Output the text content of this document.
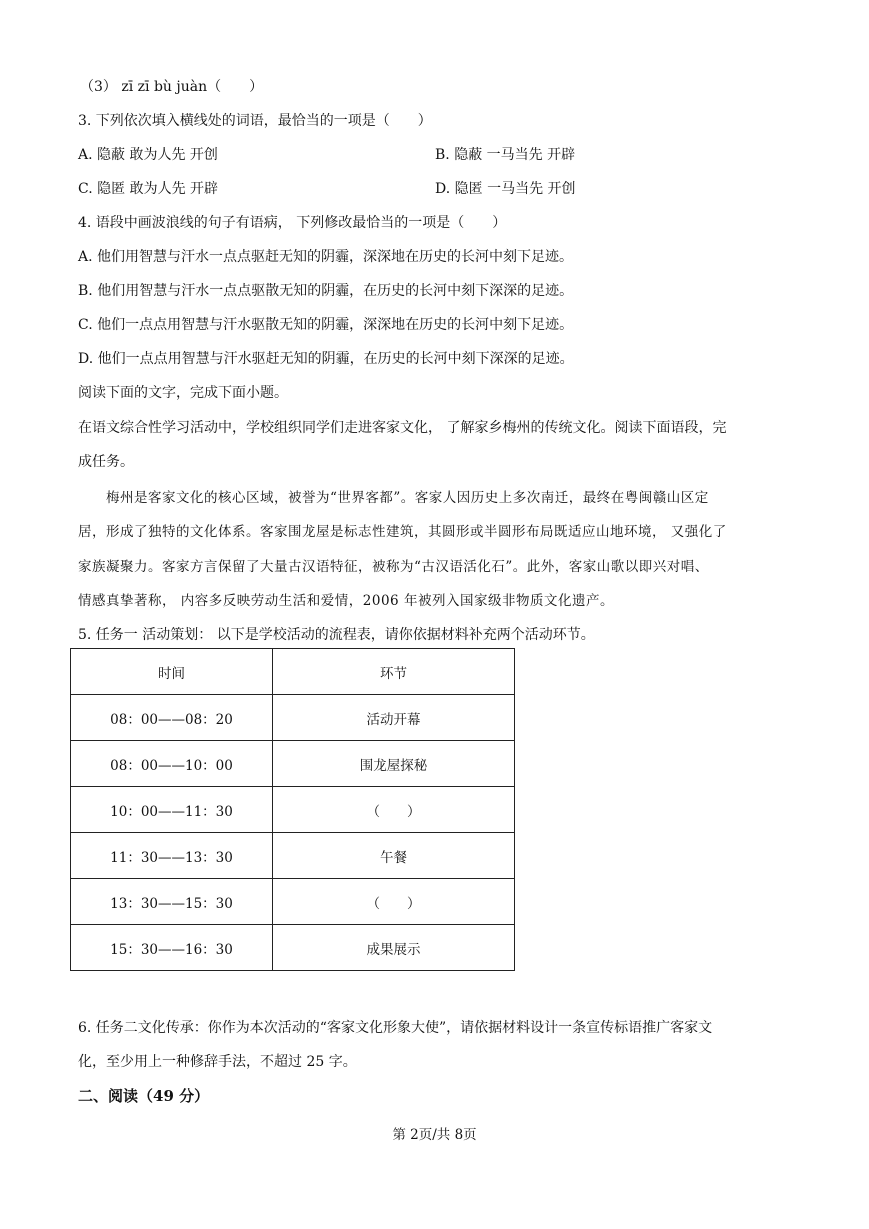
（3） zī zī bù juàn（　　）
3. 下列依次填入横线处的词语，最恰当的一项是（　　）
A. 隐蔽 敢为人先 开创	B. 隐蔽 一马当先 开辟
C. 隐匿 敢为人先 开辟	D. 隐匿 一马当先 开创
4. 语段中画波浪线的句子有语病， 下列修改最恰当的一项是（　　）
A. 他们用智慧与汗水一点点驱赶无知的阴霾，深深地在历史的长河中刻下足迹。
B. 他们用智慧与汗水一点点驱散无知的阴霾，在历史的长河中刻下深深的足迹。
C. 他们一点点用智慧与汗水驱散无知的阴霾，深深地在历史的长河中刻下足迹。
D. 他们一点点用智慧与汗水驱赶无知的阴霾，在历史的长河中刻下深深的足迹。
阅读下面的文字，完成下面小题。
在语文综合性学习活动中，学校组织同学们走进客家文化， 了解家乡梅州的传统文化。阅读下面语段，完
成任务。
　　梅州是客家文化的核心区域，被誉为“世界客都”。客家人因历史上多次南迁，最终在粤闽赣山区定
居，形成了独特的文化体系。客家围龙屋是标志性建筑，其圆形或半圆形布局既适应山地环境， 又强化了
家族凝聚力。客家方言保留了大量古汉语特征，被称为“古汉语活化石”。此外，客家山歌以即兴对唱、
情感真挚著称， 内容多反映劳动生活和爱情，2006 年被列入国家级非物质文化遗产。
5. 任务一 活动策划： 以下是学校活动的流程表，请你依据材料补充两个活动环节。
时间	环节
08：00——08：20	活动开幕
08：00——10：00	围龙屋探秘
10：00——11：30	（　　）
11：30——13：30	午餐
13：30——15：30	（　　）
15：30——16：30	成果展示
6. 任务二文化传承：你作为本次活动的“客家文化形象大使”，请依据材料设计一条宣传标语推广客家文
化，至少用上一种修辞手法，不超过 25 字。
二、阅读（49 分）
第 2页/共 8页
